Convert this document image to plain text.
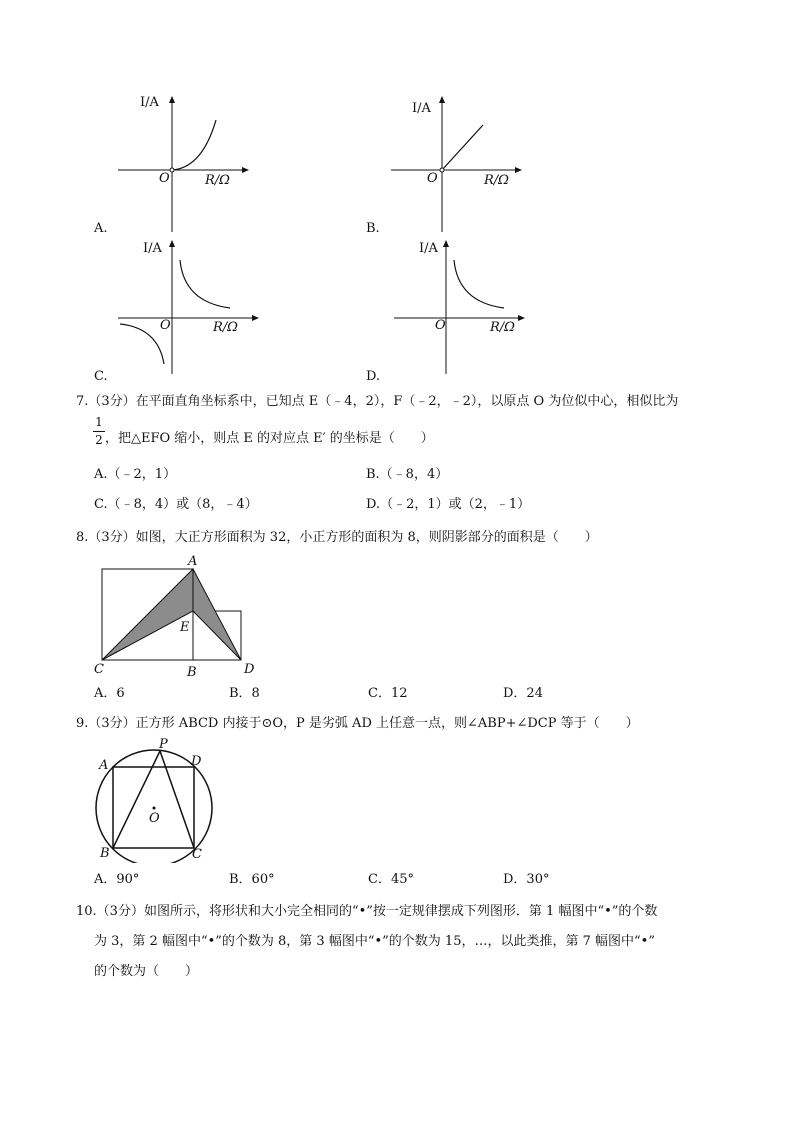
I/A
O	R/Ω
A.
I/A
O	R/Ω
B.
I/A
O	R/Ω
C.
I/A
O	R/Ω
D.
7.（3分）在平面直角坐标系中，已知点 E（﹣4，2），F（﹣2，﹣2），以原点 O 为位似中心，相似比为
1
2 ，把△EFO 缩小，则点 E 的对应点 E′ 的坐标是（　　）
A.（﹣2，1）	B.（﹣8，4）
C.（﹣8，4）或（8，﹣4）	D.（﹣2，1）或（2，﹣1）
8.（3分）如图，大正方形面积为 32，小正方形的面积为 8，则阴影部分的面积是（　　）
A
E
C	B	D
A．6	B．8	C．12	D．24
9.（3分）正方形 ABCD 内接于⊙O，P 是劣弧 AD 上任意一点，则∠ABP+∠DCP 等于（　　）
P
A	D
O
B	C
A．90°	B．60°	C．45°	D．30°
10.（3分）如图所示，将形状和大小完全相同的“•”按一定规律摆成下列图形．第 1 幅图中“•”的个数
为 3，第 2 幅图中“•”的个数为 8，第 3 幅图中“•”的个数为 15，…，以此类推，第 7 幅图中“•”
的个数为（　　）
